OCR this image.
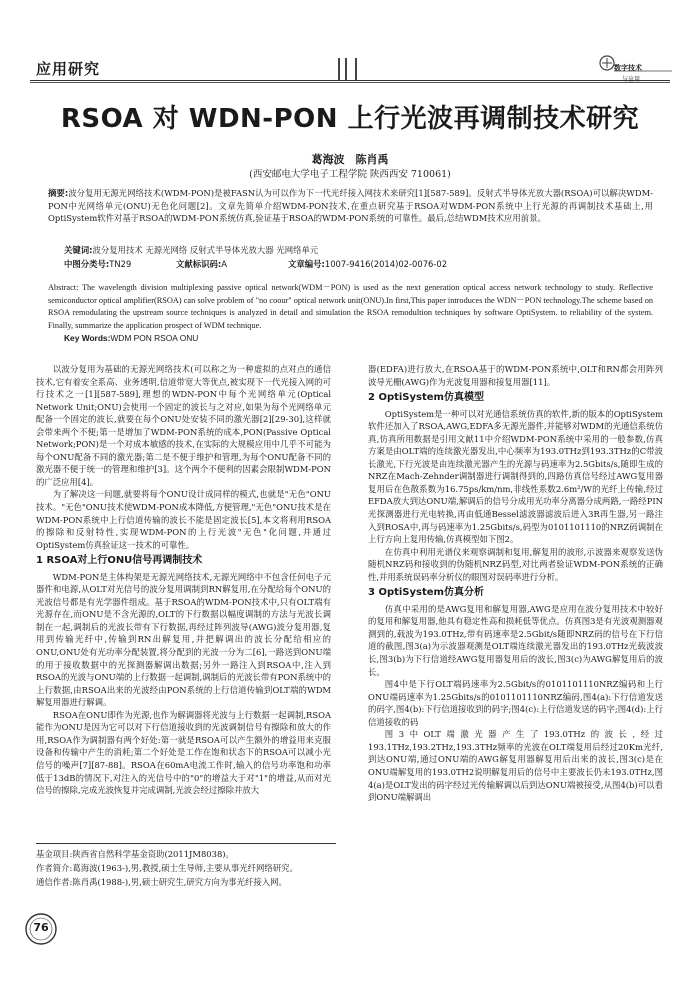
应用研究	数字技术
与应用
RSOA 对 WDN-PON 上行光波再调制技术研究
葛海波　陈肖禹
(西安邮电大学电子工程学院 陕西西安 710061)
摘要:波分复用无源光网络技术(WDM-PON)是被FASN认为可以作为下一代光纤接入网技术来研究[1][587-589]。反射式半导体光放大器(RSOA)可以解决WDM-PON中光网络单元(ONU)无色化问题[2]。文章先简单介绍WDM-PON技术,在重点研究基于RSOA对WDM-PON系统中上行光源的再调制技术基础上,用OptiSystem软件对基于RSOA的WDM-PON系统仿真,验证基于RSOA的WDM-PON系统的可靠性。最后,总结WDM技术应用前景。
关键词:波分复用技术 无源光网络 反射式半导体光放大器 光网络单元
中图分类号:TN29	文献标识码:A	文章编号:1007-9416(2014)02-0076-02
Abstract: The wavelength division multiplexing passive optical network(WDM－PON) is used as the next generation optical access network technology to study. Reflective semiconductor optical amplifier(RSOA) can solve problem of "no coour" optical network unit(ONU).In first,This paper introduces the WDN－PON technology.The scheme based on RSOA remodulating the upstream source techniques is analyzed in detail and simulation the RSOA remodultion techniques by software OptiSystem. to reliability of the system. Finally, summarize the application prospect of WDM technique.
Key Words:WDM PON RSOA ONU

以波分复用为基础的无源光网络技术(可以称之为一种虚拟的点对点的通信技术,它有着安全系高、业务透明,信道带宽大等优点,被实现下一代光接入网的可行技术之一[1][587-589],理想的WDN-PON中每个光网络单元(Optical Network Unit;ONU)会使用一个固定的波长与之对应,如果为每个光网络单元配备一个固定的波长,就要在每个ONU处安装不同的激光器[2][29-30],这样就会带来两个不便;第一是增加了WDM-PON系统的成本,PON(Passive Optical Network;PON)是一个对成本敏感的技术,在实际的大规模应用中几乎不可能为每个ONU配备不同的激光器;第二是不便于维护和管理,为每个ONU配备不同的激光器不便于统一的管理和维护[3]。这个两个不便利的因素会限制WDM-PON的广泛应用[4]。

为了解决这一问题,就要将每个ONU设计成同样的模式,也就是"无色"ONU技术。"无色"ONU技术使WDM-PON成本降低,方便管理,"无色"ONU技术是在WDM-PON系统中上行信道传输的波长不能是固定波长[5],本文将利用RSOA的擦除和反射特性,实现WDM-PON的上行光波"无色"化问题,并通过OptiSystem仿真验证这一技术的可靠性。

1 RSOA对上行ONU信号再调制技术

WDM-PON是主体构架是无源光网络技术,无源光网络中不包含任何电子元器件和电源,从OLT对光信号的波分复用调制到RN解复用,在分配给每个ONU的光波信号都是有光学器件组成。基于RSOA的WDM-PON技术中,只有OLT端有光源存在,而ONU是不含光源的,OLT的下行数据以幅度调制的方法与光波长调制在一起,调制后的光波长带有下行数据,再经过阵列波导(AWG)波分复用器,复用到传输光纤中,传输到RN出解复用,并把解调出的波长分配给相应的ONU,ONU处有光功率分配装置,将分配到的光波一分为二[6],一路送到ONU端的用于接收数据中的光探测器解调出数据;另外一路注入到RSOA中,注入到RSOA的光波与ONU端的上行数据一起调制,调制后的光波长带有PON系统中的上行数据,由RSOA出来的光波经由PON系统的上行信道传输到OLT端的WDM解复用器进行解调。

RSOA在ONU即作为光源,也作为解调器将光波与上行数据一起调制,RSOA能作为ONU是因为它可以对下行信道接收到的光波调制信号有擦除和放大的作用,RSOA作为调制器有两个好处:第一就是RSOA可以产生额外的增益用来克服设备和传输中产生的消耗;第二个好处是工作在饱和状态下的RSOA可以减小光信号的噪声[7][87-88]。RSOA在60mA电流工作时,输入的信号功率饱和功率低于13dB的情况下,对注入的光信号中的"0"的增益大于对"1"的增益,从而对光信号的擦除,完成光波恢复并完成调制,光波会经过擦除并放大

器(EDFA)进行放大,在RSOA基于的WDM-PON系统中,OLT和RN都会用阵列波导光栅(AWG)作为光波复用器和接复用器[11]。

2 OptiSystem仿真模型

OptiSystem是一种可以对光通信系统仿真的软件,新的版本的OptiSystem软件还加入了RSOA,AWG,EDFA多无源光器件,并能够对WDM的光通信系统仿真,仿真所用数据是引用文献11中介绍WDM-PON系统中采用的一般参数,仿真方案是由OLT端的连续激光器发出,中心频率为193.0THz到193.3THz的C带波长激光,下行光波是由连续激光器产生的光源与码速率为2.5Gbits/s,随即生成的NRZ在Mach-Zehnder调制器进行调制得到的,四路仿真信号经过AWG复用器复用后在色散系数为16.75ps/km/nm,非线性系数2.6m²/W的光纤上传输,经过EFDA放大到达ONU端,解调后的信号分成用光功率分离器分成两路,一路经PIN光探测器进行光电转换,再由低通Bessel滤波器滤波后进入3R再生器,另一路注入到ROSA中,再与码速率为1.25Gbits/s,码型为0101101110的NRZ码调制在上行方向上复用传输,仿真模型如下图2。

在仿真中利用光谱仪来观察调制和复用,解复用的波形,示波器来观察发送伪随机NRZ码和接收到的伪随机NRZ码型,对比两者验证WDM-PON系统的正确性,并用系统误码率分析仪的眼图对误码率进行分析。

3 OptiSystem仿真分析

仿真中采用的是AWG复用和解复用器,AWG是应用在波分复用技术中较好的复用和解复用器,他具有稳定性高和损耗低等优点。仿真图3是有光波观测器观测到的,载波为193.0THz,带有码速率是2.5Gbit/s随即NRZ码的信号在下行信道的截图,图3(a)为示波器观测是OLT端连续激光器发出的193.0THz光载波波长,图3(b)为下行信道经AWG复用器复用后的波长,图3(c)为AWG解复用后的波长。

图4中是下行OLT端码速率为2.5Gbit/s的0101101110NRZ编码和上行ONU端码速率为1.25Gbits/s的0101101110NRZ编码,图4(a):下行信道发送的码字,图4(b):下行信道接收到的码字;图4(c):上行信道发送的码字;图4(d):上行信道接收的码

图3中OLT端激光器产生了193.0THz的波长,经过193.1THz,193.2THz,193.3THz频率的光波在OLT端复用后经过20Km光纤,到达ONU端,通过ONU端的AWG解复用器解复用后出来的波长,图3(c)是在ONU端解复用的193.0TH2说明解复用后的信号中主要波长仍未193.0THz,图4(a)是OLT发出的码字经过光传输解调以后到达ONU端被接受,从图4(b)可以看到ONU端解调出

基金项目:陕西省自然科学基金资助(2011JM8038)。
作者简介:葛海波(1963-),男,教授,硕士生导师,主要从事光纤网络研究。
通信作者:陈肖禹(1988-),男,硕士研究生,研究方向为事光纤接入网。
76
